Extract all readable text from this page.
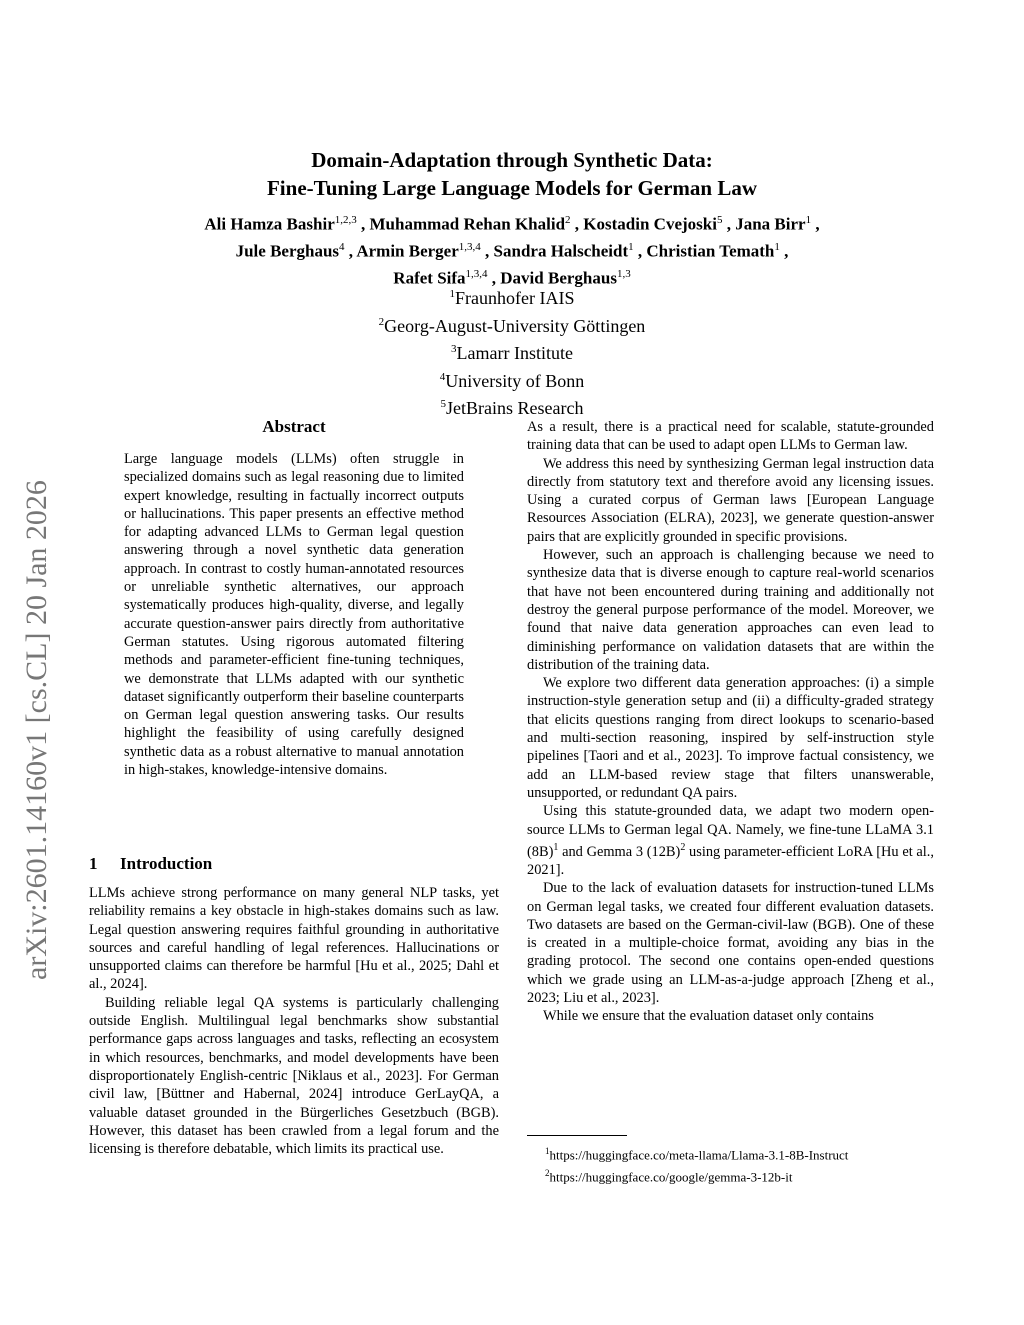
arXiv:2601.14160v1 [cs.CL] 20 Jan 2026
Domain-Adaptation through Synthetic Data:
Fine-Tuning Large Language Models for German Law
Ali Hamza Bashir$^{1,2,3}$ , Muhammad Rehan Khalid$^2$ , Kostadin Cvejoski$^5$ , Jana Birr$^1$ ,
Jule Berghaus$^4$ , Armin Berger$^{1,3,4}$ , Sandra Halscheidt$^1$ , Christian Temath$^1$ ,
Rafet Sifa$^{1,3,4}$ , David Berghaus$^{1,3}$
$^1$Fraunhofer IAIS
$^2$Georg-August-University Göttingen
$^3$Lamarr Institute
$^4$University of Bonn
$^5$JetBrains Research
Abstract

Large language models (LLMs) often struggle in specialized domains such as legal reasoning due to limited expert knowledge, resulting in factually incorrect outputs or hallucinations. This paper presents an effective method for adapting advanced LLMs to German legal question answering through a novel synthetic data generation approach. In contrast to costly human-annotated resources or unreliable synthetic alternatives, our approach systematically produces high-quality, diverse, and legally accurate question-answer pairs directly from authoritative German statutes. Using rigorous automated filtering methods and parameter-efficient fine-tuning techniques, we demonstrate that LLMs adapted with our synthetic dataset significantly outperform their baseline counterparts on German legal question answering tasks. Our results highlight the feasibility of using carefully designed synthetic data as a robust alternative to manual annotation in high-stakes, knowledge-intensive domains.

1 Introduction

LLMs achieve strong performance on many general NLP tasks, yet reliability remains a key obstacle in high-stakes domains such as law. Legal question answering requires faithful grounding in authoritative sources and careful handling of legal references. Hallucinations or unsupported claims can therefore be harmful [Hu et al., 2025; Dahl et al., 2024].

Building reliable legal QA systems is particularly challenging outside English. Multilingual legal benchmarks show substantial performance gaps across languages and tasks, reflecting an ecosystem in which resources, benchmarks, and model developments have been disproportionately English-centric [Niklaus et al., 2023]. For German civil law, [Büttner and Habernal, 2024] introduce GerLayQA, a valuable dataset grounded in the Bürgerliches Gesetzbuch (BGB). However, this dataset has been crawled from a legal forum and the licensing is therefore debatable, which limits its practical use.

As a result, there is a practical need for scalable, statute-grounded training data that can be used to adapt open LLMs to German law.

We address this need by synthesizing German legal instruction data directly from statutory text and therefore avoid any licensing issues. Using a curated corpus of German laws [European Language Resources Association (ELRA), 2023], we generate question-answer pairs that are explicitly grounded in specific provisions.

However, such an approach is challenging because we need to synthesize data that is diverse enough to capture real-world scenarios that have not been encountered during training and additionally not destroy the general purpose performance of the model. Moreover, we found that naive data generation approaches can even lead to diminishing performance on validation datasets that are within the distribution of the training data.

We explore two different data generation approaches: (i) a simple instruction-style generation setup and (ii) a difficulty-graded strategy that elicits questions ranging from direct lookups to scenario-based and multi-section reasoning, inspired by self-instruction style pipelines [Taori and et al., 2023]. To improve factual consistency, we add an LLM-based review stage that filters unanswerable, unsupported, or redundant QA pairs.

Using this statute-grounded data, we adapt two modern open-source LLMs to German legal QA. Namely, we fine-tune LLaMA 3.1 (8B)$^1$ and Gemma 3 (12B)$^2$ using parameter-efficient LoRA [Hu et al., 2021].

Due to the lack of evaluation datasets for instruction-tuned LLMs on German legal tasks, we created four different evaluation datasets. Two datasets are based on the German-civil-law (BGB). One of these is created in a multiple-choice format, avoiding any bias in the grading protocol. The second one contains open-ended questions which we grade using an LLM-as-a-judge approach [Zheng et al., 2023; Liu et al., 2023].

While we ensure that the evaluation dataset only contains

$^1$https://huggingface.co/meta-llama/Llama-3.1-8B-Instruct
$^2$https://huggingface.co/google/gemma-3-12b-it
